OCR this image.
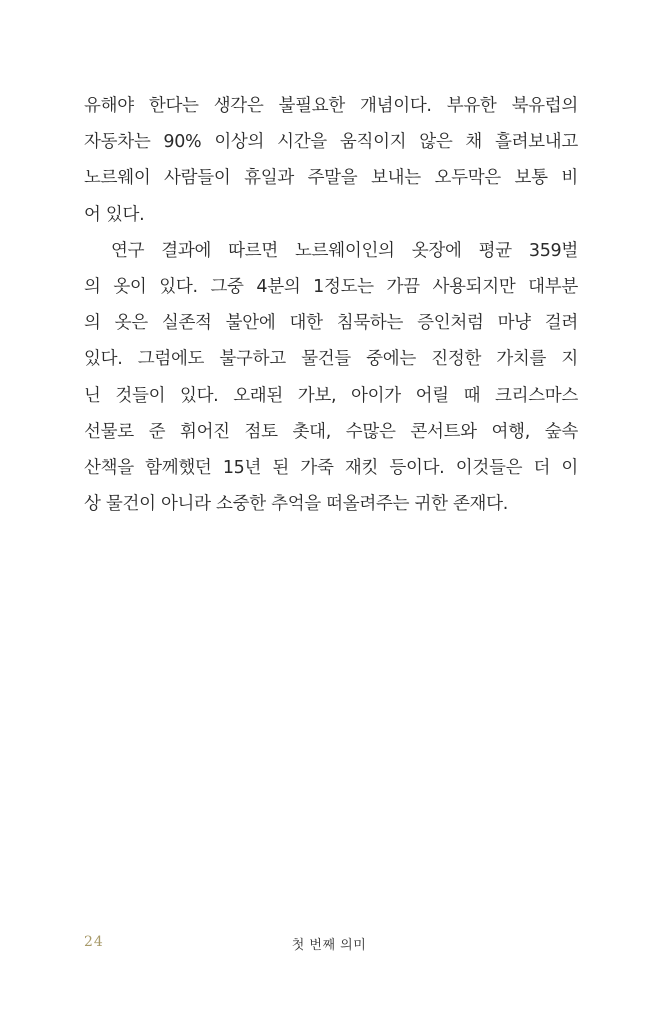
유해야 한다는 생각은 불필요한 개념이다. 부유한 북유럽의
자동차는 90% 이상의 시간을 움직이지 않은 채 흘려보내고
노르웨이 사람들이 휴일과 주말을 보내는 오두막은 보통 비
어 있다.

연구 결과에 따르면 노르웨이인의 옷장에 평균 359벌
의 옷이 있다. 그중 4분의 1정도는 가끔 사용되지만 대부분
의 옷은 실존적 불안에 대한 침묵하는 증인처럼 마냥 걸려
있다. 그럼에도 불구하고 물건들 중에는 진정한 가치를 지
닌 것들이 있다. 오래된 가보, 아이가 어릴 때 크리스마스
선물로 준 휘어진 점토 촛대, 수많은 콘서트와 여행, 숲속
산책을 함께했던 15년 된 가죽 재킷 등이다. 이것들은 더 이
상 물건이 아니라 소중한 추억을 떠올려주는 귀한 존재다.

24	첫 번째 의미
